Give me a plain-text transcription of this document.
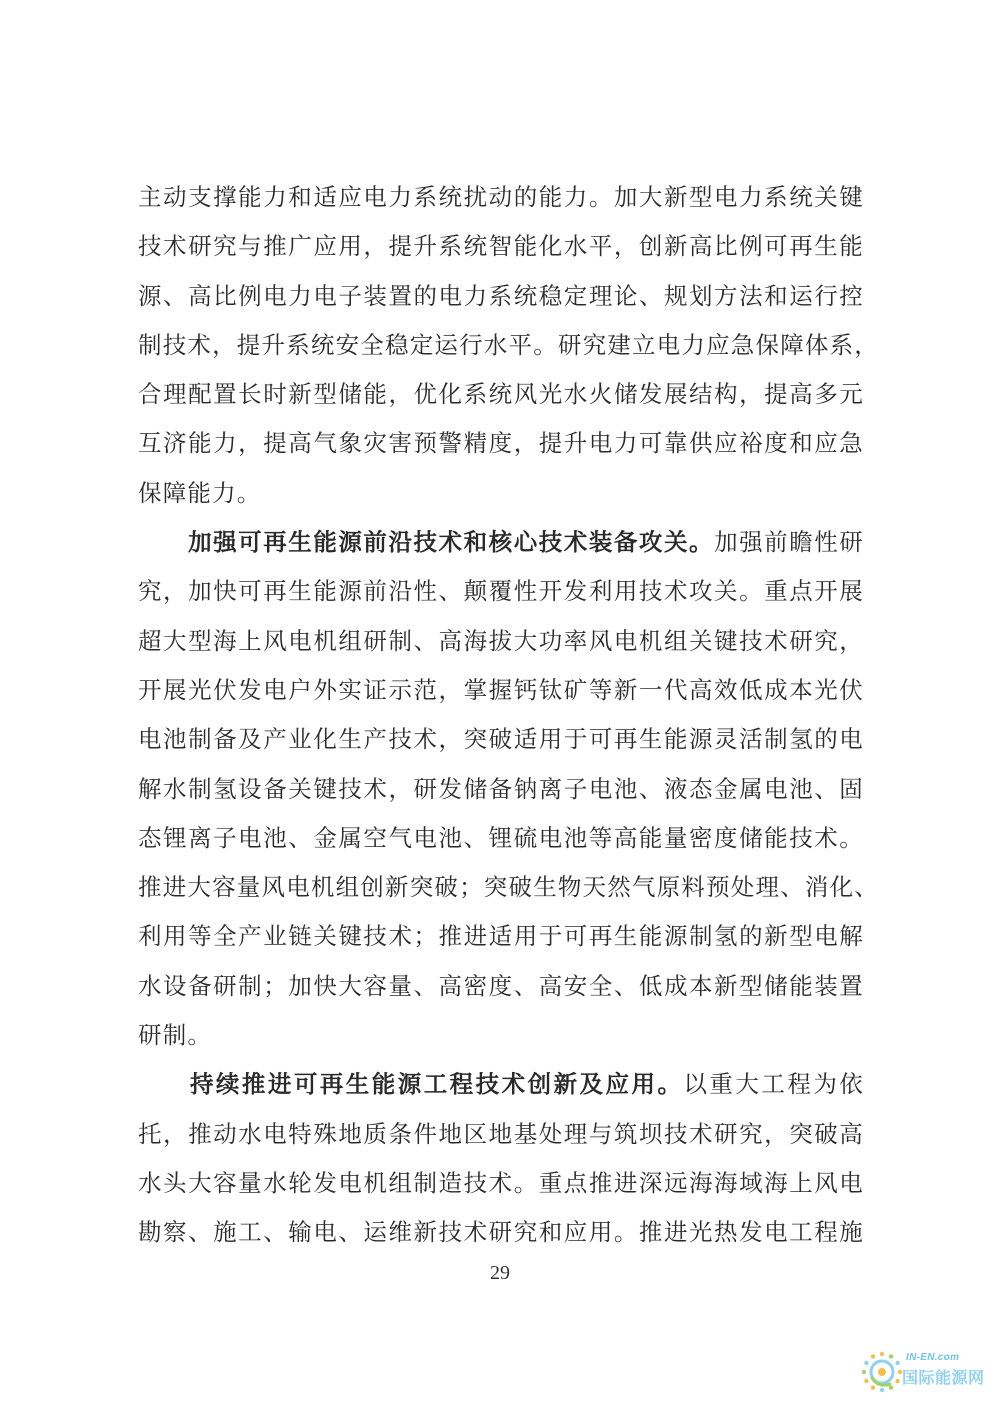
主动支撑能力和适应电力系统扰动的能力。加大新型电力系统关键
技术研究与推广应用，提升系统智能化水平，创新高比例可再生能
源、高比例电力电子装置的电力系统稳定理论、规划方法和运行控
制技术，提升系统安全稳定运行水平。研究建立电力应急保障体系，
合理配置长时新型储能，优化系统风光水火储发展结构，提高多元
互济能力，提高气象灾害预警精度，提升电力可靠供应裕度和应急
保障能力。
　　加强可再生能源前沿技术和核心技术装备攻关。加强前瞻性研
究，加快可再生能源前沿性、颠覆性开发利用技术攻关。重点开展
超大型海上风电机组研制、高海拔大功率风电机组关键技术研究，
开展光伏发电户外实证示范，掌握钙钛矿等新一代高效低成本光伏
电池制备及产业化生产技术，突破适用于可再生能源灵活制氢的电
解水制氢设备关键技术，研发储备钠离子电池、液态金属电池、固
态锂离子电池、金属空气电池、锂硫电池等高能量密度储能技术。
推进大容量风电机组创新突破；突破生物天然气原料预处理、消化、
利用等全产业链关键技术；推进适用于可再生能源制氢的新型电解
水设备研制；加快大容量、高密度、高安全、低成本新型储能装置
研制。
　　持续推进可再生能源工程技术创新及应用。以重大工程为依
托，推动水电特殊地质条件地区地基处理与筑坝技术研究，突破高
水头大容量水轮发电机组制造技术。重点推进深远海海域海上风电
勘察、施工、输电、运维新技术研究和应用。推进光热发电工程施
29
IN-EN.com
国际能源网
